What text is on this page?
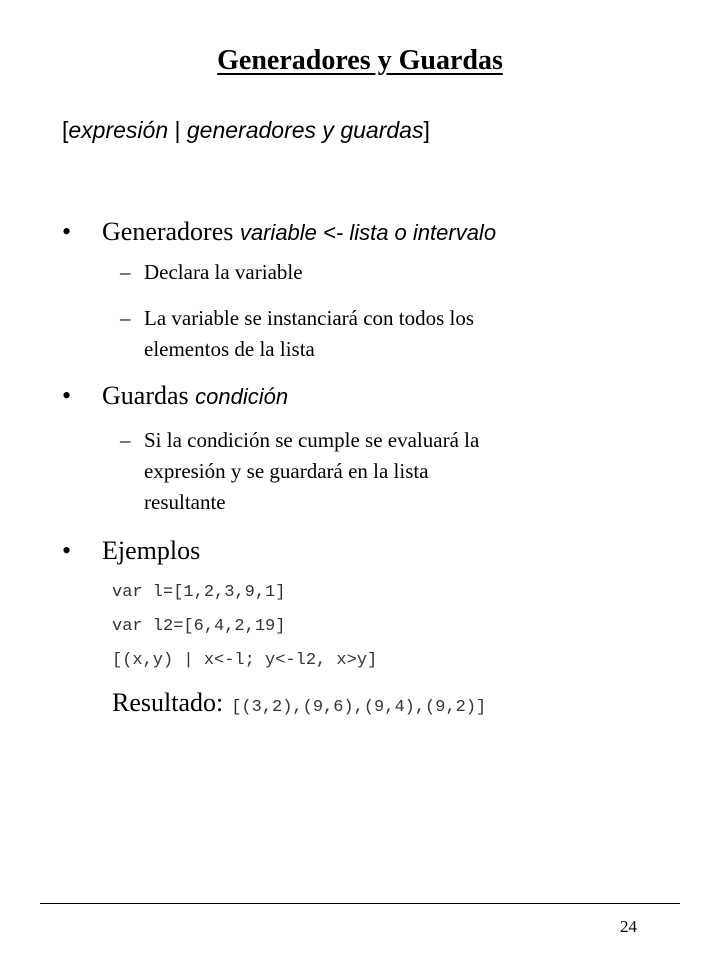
Generadores y Guardas
[expresión | generadores y guardas]
• Generadores variable <- lista o intervalo
– Declara la variable
– La variable se instanciará con todos los
elementos de la lista
• Guardas condición
– Si la condición se cumple se evaluará la
expresión y se guardará en la lista
resultante
• Ejemplos
var l=[1,2,3,9,1]
var l2=[6,4,2,19]
[(x,y) | x<-l; y<-l2, x>y]
Resultado: [(3,2),(9,6),(9,4),(9,2)]
24
